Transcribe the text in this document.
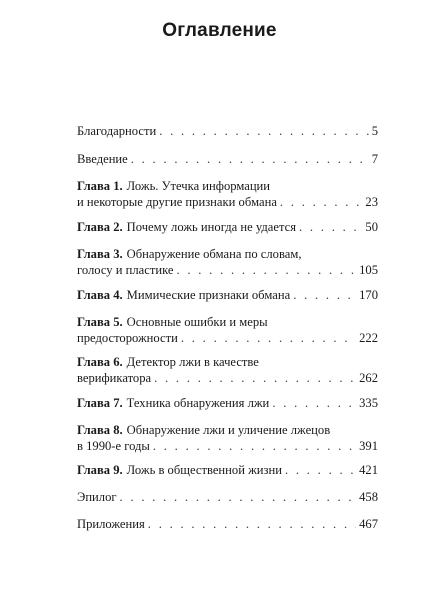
Оглавление
Благодарности . . .	5
Введение . . .	7
Глава 1. Ложь. Утечка информации
и некоторые другие признаки обмана . . .	23
Глава 2. Почему ложь иногда не удается . . .	50
Глава 3. Обнаружение обмана по словам,
голосу и пластике . . .	105
Глава 4. Мимические признаки обмана . . .	170
Глава 5. Основные ошибки и меры
предосторожности . . .	222
Глава 6. Детектор лжи в качестве
верификатора . . .	262
Глава 7. Техника обнаружения лжи . . .	335
Глава 8. Обнаружение лжи и уличение лжецов
в 1990-е годы . . .	391
Глава 9. Ложь в общественной жизни . . .	421
Эпилог . . .	458
Приложения . . .	467
